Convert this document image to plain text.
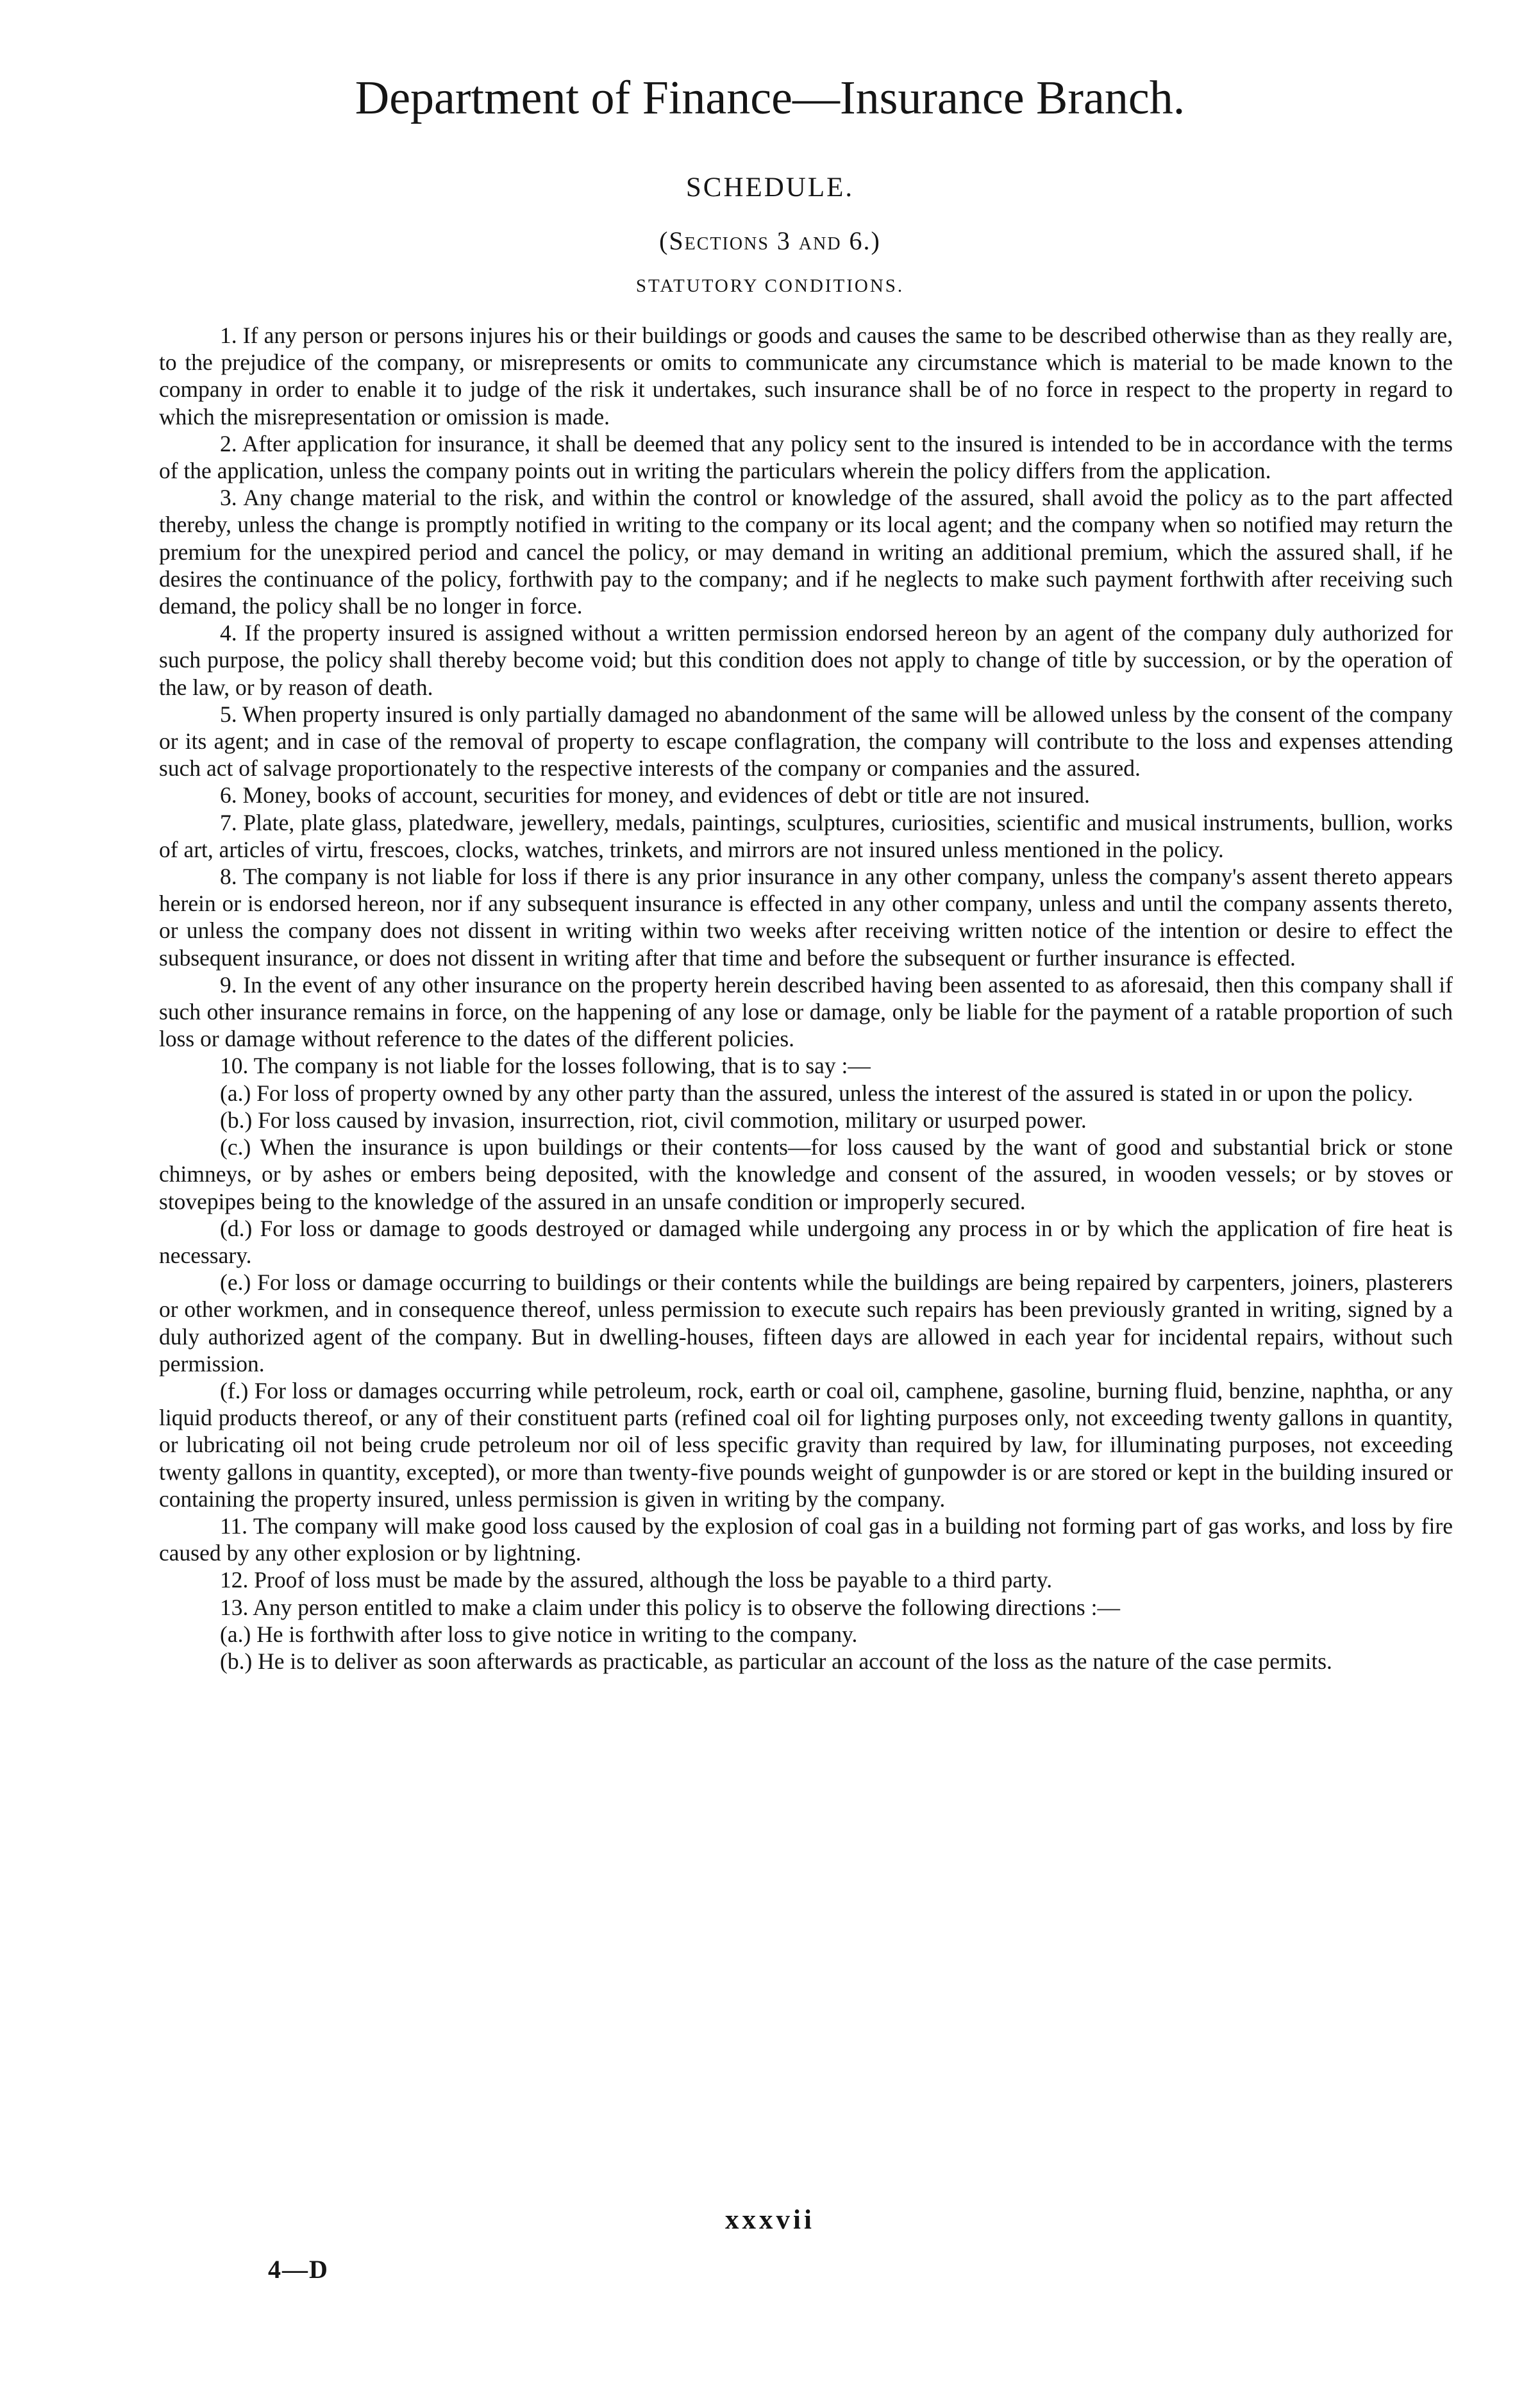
Department of Finance—Insurance Branch.
SCHEDULE.
(Sections 3 and 6.)
STATUTORY CONDITIONS.

1. If any person or persons injures his or their buildings or goods and causes the same to be described otherwise than as they really are, to the prejudice of the company, or misrepresents or omits to communicate any circumstance which is material to be made known to the company in order to enable it to judge of the risk it undertakes, such insurance shall be of no force in respect to the property in regard to which the misrepresentation or omission is made.

2. After application for insurance, it shall be deemed that any policy sent to the insured is intended to be in accordance with the terms of the application, unless the company points out in writing the particulars wherein the policy differs from the application.

3. Any change material to the risk, and within the control or knowledge of the assured, shall avoid the policy as to the part affected thereby, unless the change is promptly notified in writing to the company or its local agent; and the company when so notified may return the premium for the unexpired period and cancel the policy, or may demand in writing an additional premium, which the assured shall, if he desires the continuance of the policy, forthwith pay to the company; and if he neglects to make such payment forthwith after receiving such demand, the policy shall be no longer in force.

4. If the property insured is assigned without a written permission endorsed hereon by an agent of the company duly authorized for such purpose, the policy shall thereby become void; but this condition does not apply to change of title by succession, or by the operation of the law, or by reason of death.

5. When property insured is only partially damaged no abandonment of the same will be allowed unless by the consent of the company or its agent; and in case of the removal of property to escape conflagration, the company will contribute to the loss and expenses attending such act of salvage proportionately to the respective interests of the company or companies and the assured.

6. Money, books of account, securities for money, and evidences of debt or title are not insured.

7. Plate, plate glass, platedware, jewellery, medals, paintings, sculptures, curiosities, scientific and musical instruments, bullion, works of art, articles of virtu, frescoes, clocks, watches, trinkets, and mirrors are not insured unless mentioned in the policy.

8. The company is not liable for loss if there is any prior insurance in any other company, unless the company's assent thereto appears herein or is endorsed hereon, nor if any subsequent insurance is effected in any other company, unless and until the company assents thereto, or unless the company does not dissent in writing within two weeks after receiving written notice of the intention or desire to effect the subsequent insurance, or does not dissent in writing after that time and before the subsequent or further insurance is effected.

9. In the event of any other insurance on the property herein described having been assented to as aforesaid, then this company shall if such other insurance remains in force, on the happening of any lose or damage, only be liable for the payment of a ratable proportion of such loss or damage without reference to the dates of the different policies.

10. The company is not liable for the losses following, that is to say :—

(a.) For loss of property owned by any other party than the assured, unless the interest of the assured is stated in or upon the policy.

(b.) For loss caused by invasion, insurrection, riot, civil commotion, military or usurped power.

(c.) When the insurance is upon buildings or their contents—for loss caused by the want of good and substantial brick or stone chimneys, or by ashes or embers being deposited, with the knowledge and consent of the assured, in wooden vessels; or by stoves or stovepipes being to the knowledge of the assured in an unsafe condition or improperly secured.

(d.) For loss or damage to goods destroyed or damaged while undergoing any process in or by which the application of fire heat is necessary.

(e.) For loss or damage occurring to buildings or their contents while the buildings are being repaired by carpenters, joiners, plasterers or other workmen, and in consequence thereof, unless permission to execute such repairs has been previously granted in writing, signed by a duly authorized agent of the company. But in dwelling-houses, fifteen days are allowed in each year for incidental repairs, without such permission.

(f.) For loss or damages occurring while petroleum, rock, earth or coal oil, camphene, gasoline, burning fluid, benzine, naphtha, or any liquid products thereof, or any of their constituent parts (refined coal oil for lighting purposes only, not exceeding twenty gallons in quantity, or lubricating oil not being crude petroleum nor oil of less specific gravity than required by law, for illuminating purposes, not exceeding twenty gallons in quantity, excepted), or more than twenty-five pounds weight of gunpowder is or are stored or kept in the building insured or containing the property insured, unless permission is given in writing by the company.

11. The company will make good loss caused by the explosion of coal gas in a building not forming part of gas works, and loss by fire caused by any other explosion or by lightning.

12. Proof of loss must be made by the assured, although the loss be payable to a third party.

13. Any person entitled to make a claim under this policy is to observe the following directions :—

(a.) He is forthwith after loss to give notice in writing to the company.

(b.) He is to deliver as soon afterwards as practicable, as particular an account of the loss as the nature of the case permits.

xxxvii
4—D
